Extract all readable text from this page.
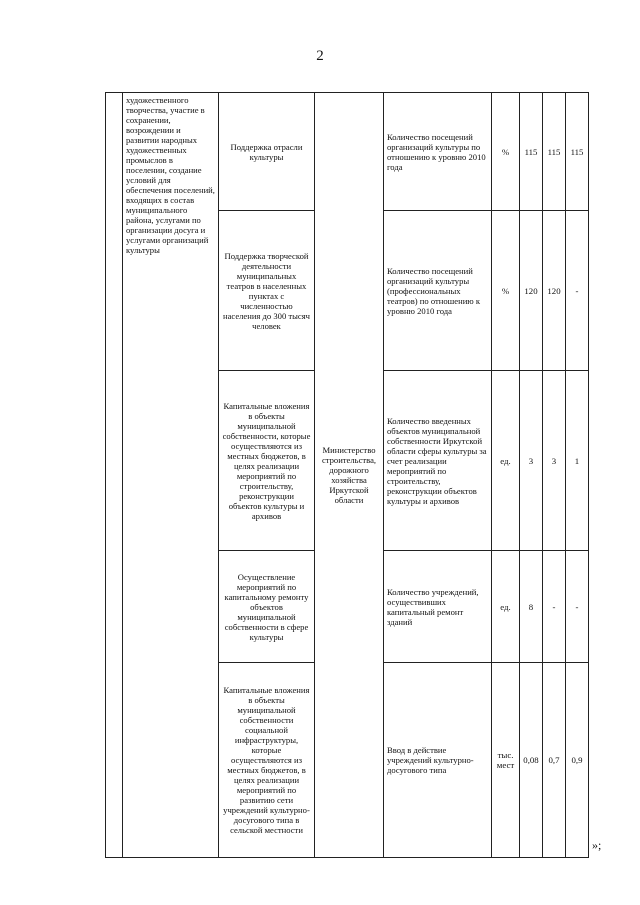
2
	художественного творчества, участие в сохранении, возрождении и развитии народных художественных промыслов в поселении, создание условий для обеспечения поселений, входящих в состав муниципального района, услугами по организации досуга и услугами организаций культуры	Поддержка отрасли культуры	Министерство строительства, дорожного хозяйства Иркутской области	Количество посещений организаций культуры по отношению к уровню 2010 года	%	115	115	115
		Поддержка творческой деятельности муниципальных театров в населенных пунктах с численностью населения до 300 тысяч человек		Количество посещений организаций культуры (профессиональных театров) по отношению к уровню 2010 года	%	120	120	-
		Капитальные вложения в объекты муниципальной собственности, которые осуществляются из местных бюджетов, в целях реализации мероприятий по строительству, реконструкции объектов культуры и архивов		Количество введенных объектов муниципальной собственности Иркутской области сферы культуры за счет реализации мероприятий по строительству, реконструкции объектов культуры и архивов	ед.	3	3	1
		Осуществление мероприятий по капитальному ремонту объектов муниципальной собственности в сфере культуры		Количество учреждений, осуществивших капитальный ремонт зданий	ед.	8	-	-
		Капитальные вложения в объекты муниципальной собственности социальной инфраструктуры, которые осуществляются из местных бюджетов, в целях реализации мероприятий по развитию сети учреждений культурно-досугового типа в сельской местности		Ввод в действие учреждений культурно-досугового типа	тыс. мест	0,08	0,7	0,9
»;
